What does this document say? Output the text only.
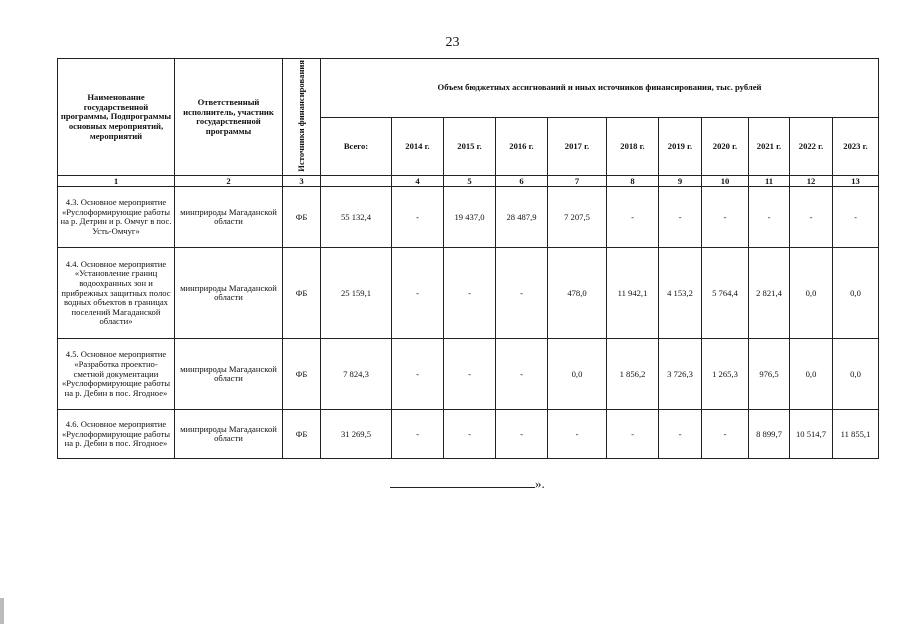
23
Наименование государственной программы, Подпрограммы основных мероприятий, мероприятий	Ответственный исполнитель, участник государственной программы	Источники финансирования	Объем бюджетных ассигнований и иных источников финансирования, тыс. рублей										
			Всего:	2014 г.	2015 г.	2016 г.	2017 г.	2018 г.	2019 г.	2020 г.	2021 г.	2022 г.	2023 г.
1	2	3		4	5	6	7	8	9	10	11	12	13
4.3. Основное мероприятие «Руслоформирующие работы на р. Детрин и р. Омчуг в пос. Усть-Омчуг»	минприроды Магаданской области	ФБ	55 132,4	-	19 437,0	28 487,9	7 207,5	-	-	-	-	-	-
4.4. Основное мероприятие «Установление границ водоохранных зон и прибрежных защитных полос водных объектов в границах поселений Магаданской области»	минприроды Магаданской области	ФБ	25 159,1	-	-	-	478,0	11 942,1	4 153,2	5 764,4	2 821,4	0,0	0,0
4.5. Основное мероприятие «Разработка проектно-сметной документации «Руслоформирующие работы на р. Дебин в пос. Ягодное»	минприроды Магаданской области	ФБ	7 824,3	-	-	-	0,0	1 856,2	3 726,3	1 265,3	976,5	0,0	0,0
4.6. Основное мероприятие «Руслоформирующие работы на р. Дебин в пос. Ягодное»	минприроды Магаданской области	ФБ	31 269,5	-	-	-	-	-	-	-	8 899,7	10 514,7	11 855,1
».
